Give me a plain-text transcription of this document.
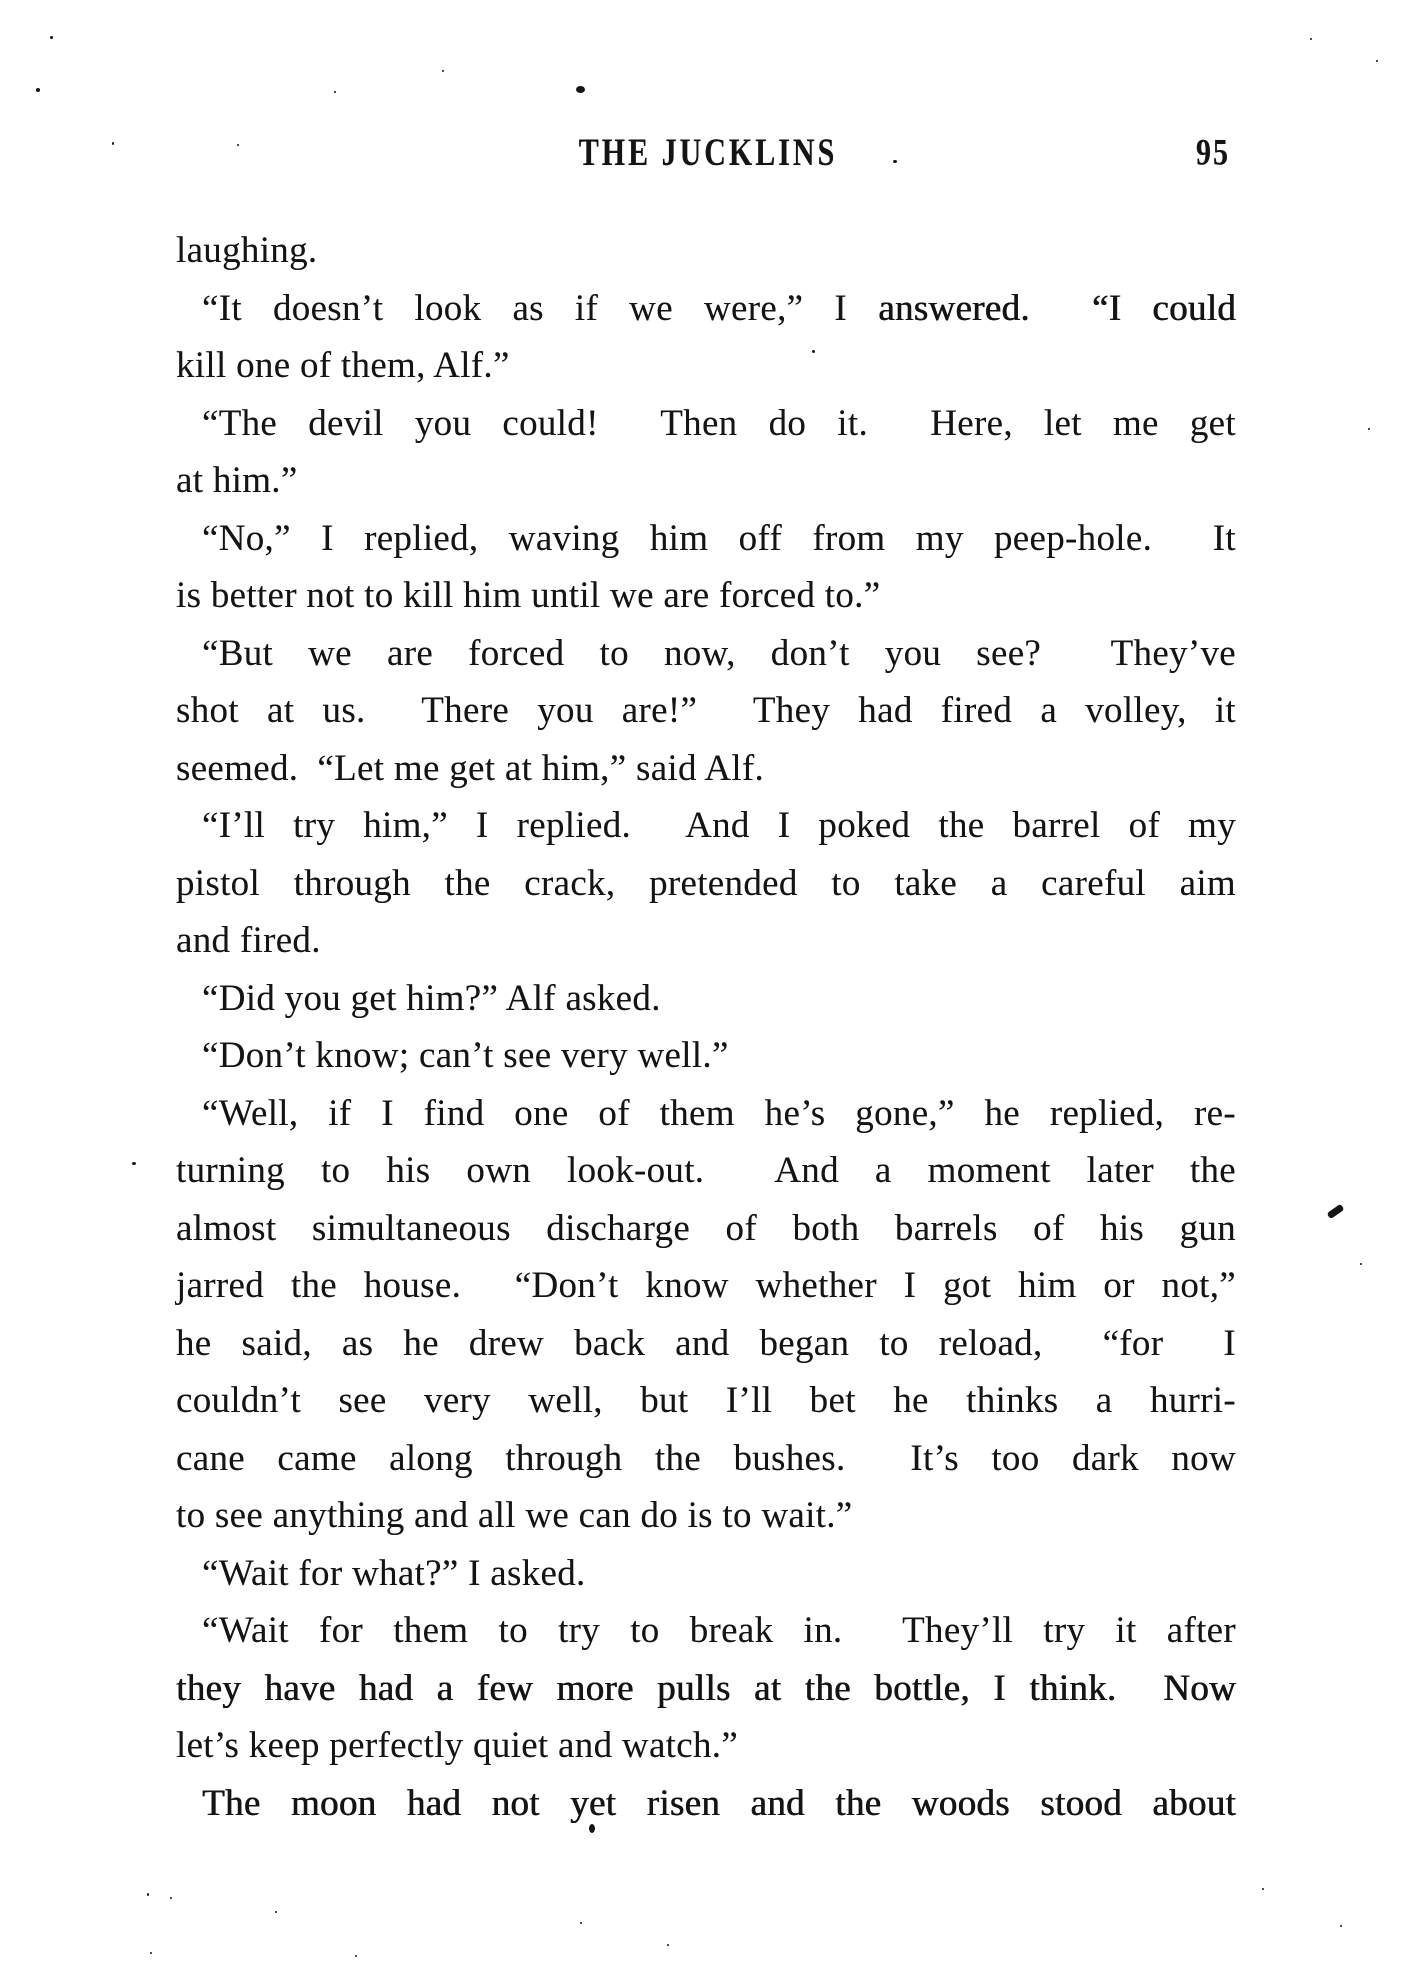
THE JUCKLINS	95
laughing.
“It doesn’t look as if we were,” I answered.  “I could
kill one of them, Alf.”
“The devil you could!  Then do it.  Here, let me get
at him.”
“No,” I replied, waving him off from my peep-hole.  It
is better not to kill him until we are forced to.”
“But we are forced to now, don’t you see?  They’ve
shot at us.  There you are!”  They had fired a volley, it
seemed.  “Let me get at him,” said Alf.
“I’ll try him,” I replied.  And I poked the barrel of my
pistol through the crack, pretended to take a careful aim
and fired.
“Did you get him?” Alf asked.
“Don’t know; can’t see very well.”
“Well, if I find one of them he’s gone,” he replied, re-
turning to his own look-out.  And a moment later the
almost simultaneous discharge of both barrels of his gun
jarred the house.  “Don’t know whether I got him or not,”
he said, as he drew back and began to reload,  “for  I
couldn’t see very well, but I’ll bet he thinks a hurri-
cane came along through the bushes.  It’s too dark now
to see anything and all we can do is to wait.”
“Wait for what?” I asked.
“Wait for them to try to break in.  They’ll try it after
they have had a few more pulls at the bottle, I think.  Now
let’s keep perfectly quiet and watch.”
The moon had not yet risen and the woods stood about
